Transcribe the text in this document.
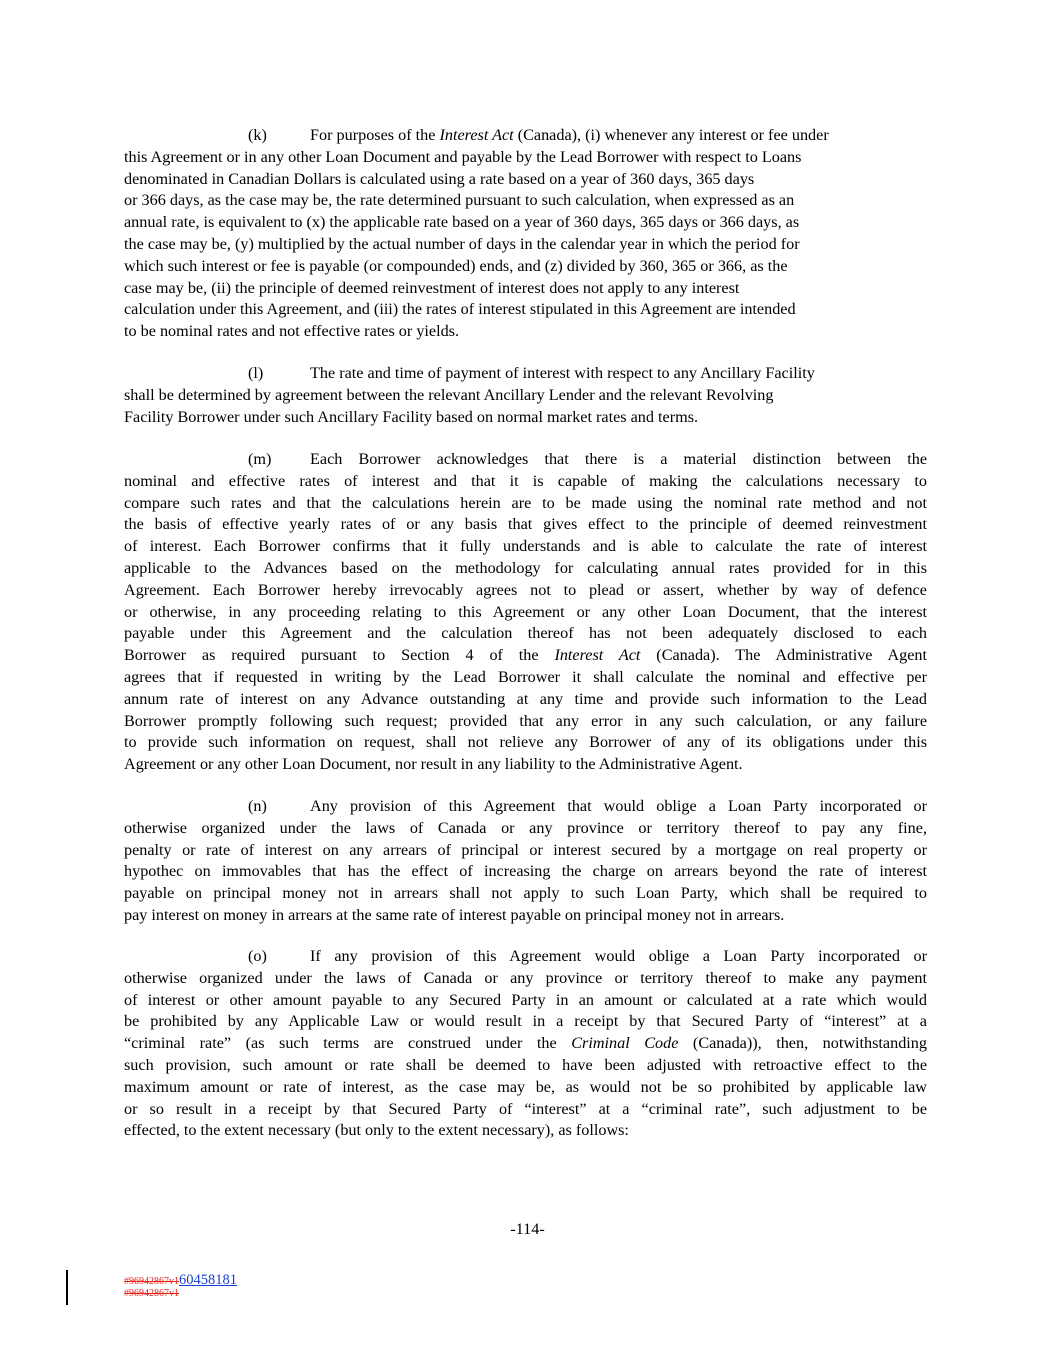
(k)	For purposes of the Interest Act (Canada), (i) whenever any interest or fee under
this Agreement or in any other Loan Document and payable by the Lead Borrower with respect to Loans
denominated in Canadian Dollars is calculated using a rate based on a year of 360 days, 365 days
or 366 days, as the case may be, the rate determined pursuant to such calculation, when expressed as an
annual rate, is equivalent to (x) the applicable rate based on a year of 360 days, 365 days or 366 days, as
the case may be, (y) multiplied by the actual number of days in the calendar year in which the period for
which such interest or fee is payable (or compounded) ends, and (z) divided by 360, 365 or 366, as the
case may be, (ii) the principle of deemed reinvestment of interest does not apply to any interest
calculation under this Agreement, and (iii) the rates of interest stipulated in this Agreement are intended
to be nominal rates and not effective rates or yields.
(l)	The rate and time of payment of interest with respect to any Ancillary Facility
shall be determined by agreement between the relevant Ancillary Lender and the relevant Revolving
Facility Borrower under such Ancillary Facility based on normal market rates and terms.
(m) Each Borrower acknowledges that there is a material distinction between the
nominal and effective rates of interest and that it is capable of making the calculations necessary to
compare such rates and that the calculations herein are to be made using the nominal rate method and not
the basis of effective yearly rates of or any basis that gives effect to the principle of deemed reinvestment
of interest. Each Borrower confirms that it fully understands and is able to calculate the rate of interest
applicable to the Advances based on the methodology for calculating annual rates provided for in this
Agreement. Each Borrower hereby irrevocably agrees not to plead or assert, whether by way of defence
or otherwise, in any proceeding relating to this Agreement or any other Loan Document, that the interest
payable under this Agreement and the calculation thereof has not been adequately disclosed to each
Borrower as required pursuant to Section 4 of the Interest Act (Canada). The Administrative Agent
agrees that if requested in writing by the Lead Borrower it shall calculate the nominal and effective per
annum rate of interest on any Advance outstanding at any time and provide such information to the Lead
Borrower promptly following such request; provided that any error in any such calculation, or any failure
to provide such information on request, shall not relieve any Borrower of any of its obligations under this
Agreement or any other Loan Document, nor result in any liability to the Administrative Agent.
(n)	Any provision of this Agreement that would oblige a Loan Party incorporated or
otherwise organized under the laws of Canada or any province or territory thereof to pay any fine,
penalty or rate of interest on any arrears of principal or interest secured by a mortgage on real property or
hypothec on immovables that has the effect of increasing the charge on arrears beyond the rate of interest
payable on principal money not in arrears shall not apply to such Loan Party, which shall be required to
pay interest on money in arrears at the same rate of interest payable on principal money not in arrears.
(o)	If any provision of this Agreement would oblige a Loan Party incorporated or
otherwise organized under the laws of Canada or any province or territory thereof to make any payment
of interest or other amount payable to any Secured Party in an amount or calculated at a rate which would
be prohibited by any Applicable Law or would result in a receipt by that Secured Party of “interest” at a
“criminal rate” (as such terms are construed under the Criminal Code (Canada)), then, notwithstanding
such provision, such amount or rate shall be deemed to have been adjusted with retroactive effect to the
maximum amount or rate of interest, as the case may be, as would not be so prohibited by applicable law
or so result in a receipt by that Secured Party of “interest” at a “criminal rate”, such adjustment to be
effected, to the extent necessary (but only to the extent necessary), as follows:
-114-
#96942867v160458181
#96942867v1
